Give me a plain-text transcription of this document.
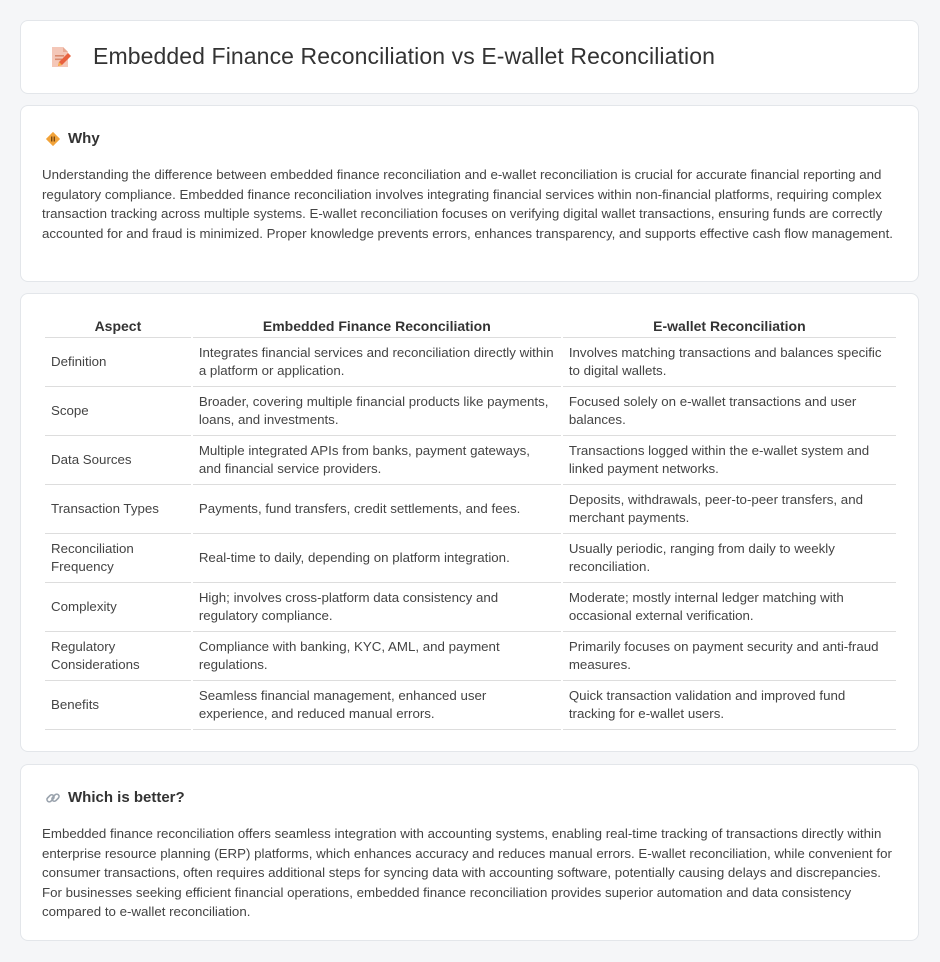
Embedded Finance Reconciliation vs E-wallet Reconciliation
Why

Understanding the difference between embedded finance reconciliation and e-wallet reconciliation is crucial for accurate financial reporting and regulatory compliance. Embedded finance reconciliation involves integrating financial services within non-financial platforms, requiring complex transaction tracking across multiple systems. E-wallet reconciliation focuses on verifying digital wallet transactions, ensuring funds are correctly accounted for and fraud is minimized. Proper knowledge prevents errors, enhances transparency, and supports effective cash flow management.

Aspect	Embedded Finance Reconciliation	E-wallet Reconciliation
Definition	Integrates financial services and reconciliation directly within a platform or application.	Involves matching transactions and balances specific to digital wallets.
Scope	Broader, covering multiple financial products like payments, loans, and investments.	Focused solely on e-wallet transactions and user balances.
Data Sources	Multiple integrated APIs from banks, payment gateways, and financial service providers.	Transactions logged within the e-wallet system and linked payment networks.
Transaction Types	Payments, fund transfers, credit settlements, and fees.	Deposits, withdrawals, peer-to-peer transfers, and merchant payments.
Reconciliation Frequency	Real-time to daily, depending on platform integration.	Usually periodic, ranging from daily to weekly reconciliation.
Complexity	High; involves cross-platform data consistency and regulatory compliance.	Moderate; mostly internal ledger matching with occasional external verification.
Regulatory Considerations	Compliance with banking, KYC, AML, and payment regulations.	Primarily focuses on payment security and anti-fraud measures.
Benefits	Seamless financial management, enhanced user experience, and reduced manual errors.	Quick transaction validation and improved fund tracking for e-wallet users.
Which is better?

Embedded finance reconciliation offers seamless integration with accounting systems, enabling real-time tracking of transactions directly within enterprise resource planning (ERP) platforms, which enhances accuracy and reduces manual errors. E-wallet reconciliation, while convenient for consumer transactions, often requires additional steps for syncing data with accounting software, potentially causing delays and discrepancies. For businesses seeking efficient financial operations, embedded finance reconciliation provides superior automation and data consistency compared to e-wallet reconciliation.
